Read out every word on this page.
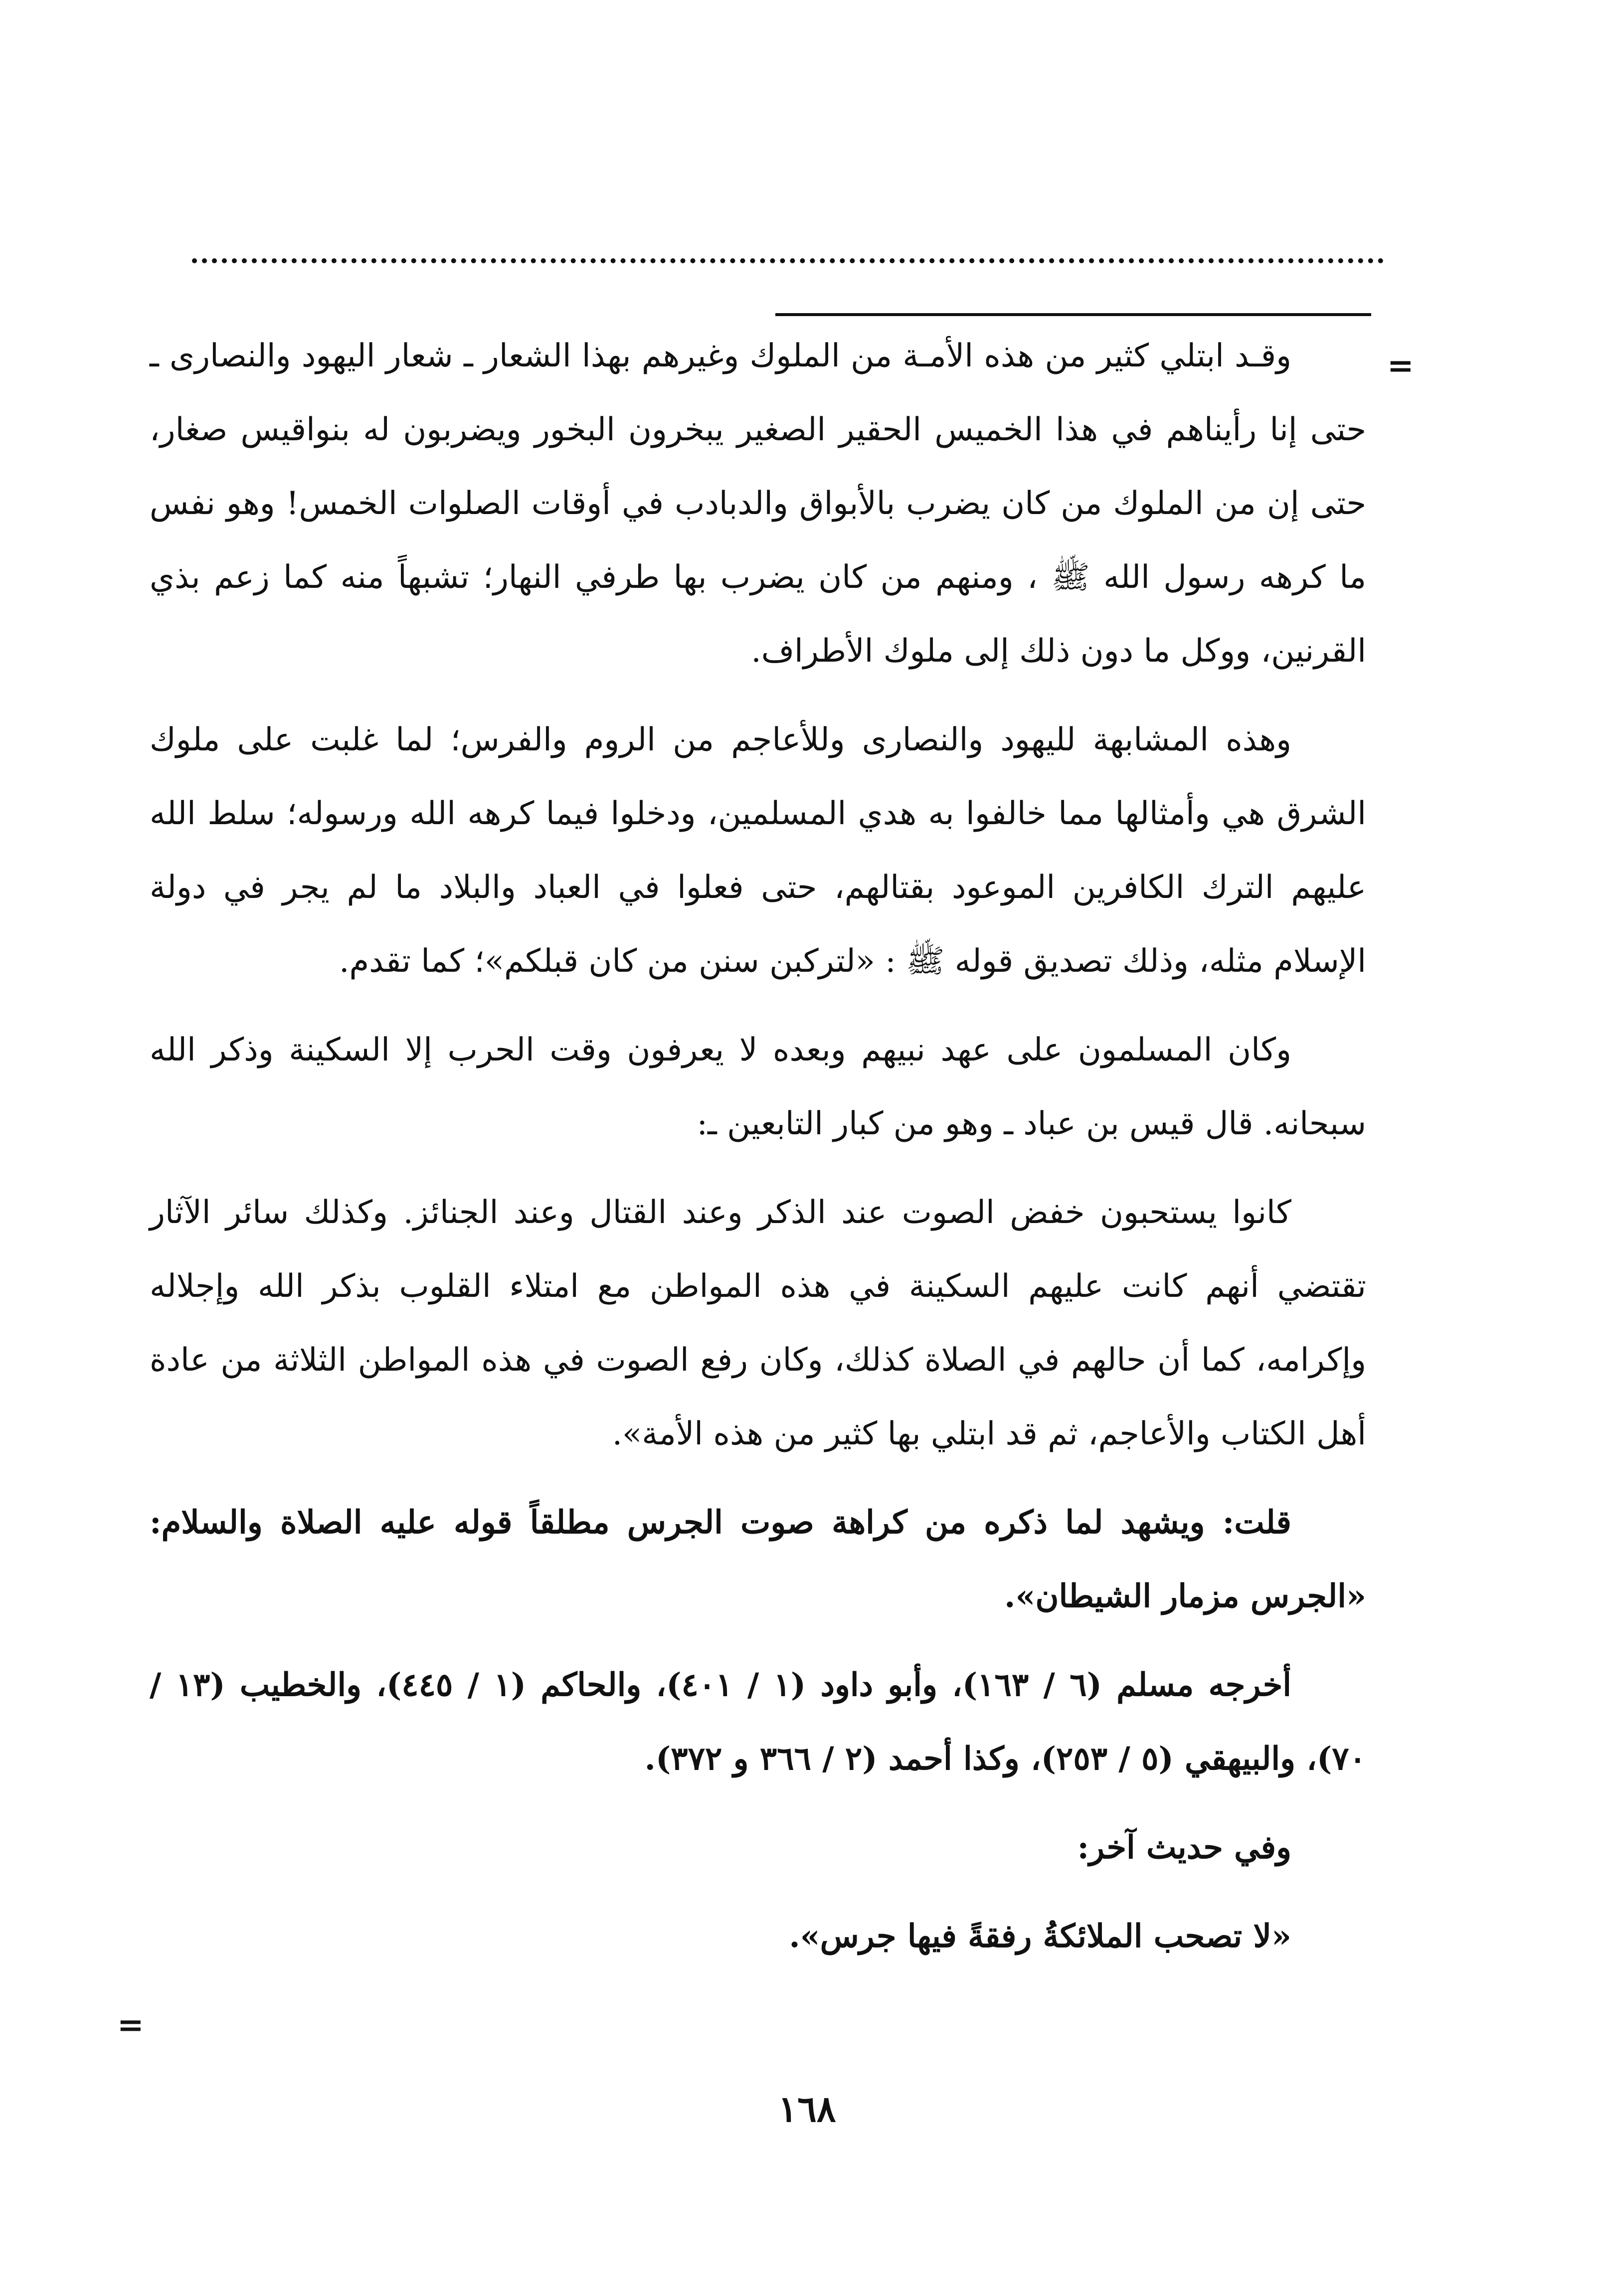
=

وقـد ابتلي كثير من هذه الأمـة من الملوك وغيرهم بهذا الشعار ـ شعار اليهود والنصارى ـ حتى إنا رأيناهم في هذا الخميس الحقير الصغير يبخرون البخور ويضربون له بنواقيس صغار، حتى إن من الملوك من كان يضرب بالأبواق والدبادب في أوقات الصلوات الخمس! وهو نفس ما كرهه رسول الله ﷺ ، ومنهم من كان يضرب بها طرفي النهار؛ تشبهاً منه كما زعم بذي القرنين، ووكل ما دون ذلك إلى ملوك الأطراف.

وهذه المشابهة لليهود والنصارى وللأعاجم من الروم والفرس؛ لما غلبت على ملوك الشرق هي وأمثالها مما خالفوا به هدي المسلمين، ودخلوا فيما كرهه الله ورسوله؛ سلط الله عليهم الترك الكافرين الموعود بقتالهم، حتى فعلوا في العباد والبلاد ما لم يجر في دولة الإسلام مثله، وذلك تصديق قوله ﷺ : «لتركبن سنن من كان قبلكم»؛ كما تقدم.

وكان المسلمون على عهد نبيهم وبعده لا يعرفون وقت الحرب إلا السكينة وذكر الله سبحانه. قال قيس بن عباد ـ وهو من كبار التابعين ـ:

كانوا يستحبون خفض الصوت عند الذكر وعند القتال وعند الجنائز. وكذلك سائر الآثار تقتضي أنهم كانت عليهم السكينة في هذه المواطن مع امتلاء القلوب بذكر الله وإجلاله وإكرامه، كما أن حالهم في الصلاة كذلك، وكان رفع الصوت في هذه المواطن الثلاثة من عادة أهل الكتاب والأعاجم، ثم قد ابتلي بها كثير من هذه الأمة».

قلت: ويشهد لما ذكره من كراهة صوت الجرس مطلقاً قوله عليه الصلاة والسلام: «الجرس مزمار الشيطان».

أخرجه مسلم (٦ / ١٦٣)، وأبو داود (١ / ٤٠١)، والحاكم (١ / ٤٤٥)، والخطيب (١٣ / ٧٠)، والبيهقي (٥ / ٢٥٣)، وكذا أحمد (٢ / ٣٦٦ و ٣٧٢).

وفي حديث آخر:

«لا تصحب الملائكةُ رفقةً فيها جرس».

=
١٦٨
